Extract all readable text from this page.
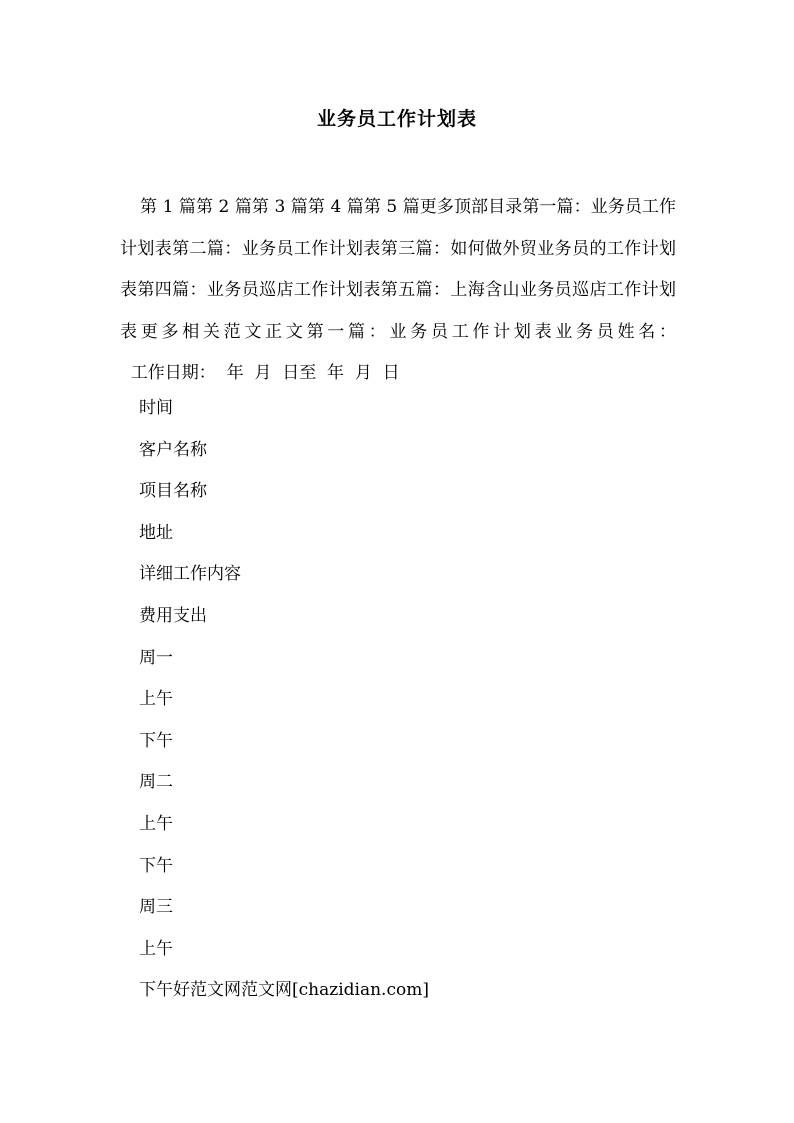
业务员工作计划表

第 1 篇第 2 篇第 3 篇第 4 篇第 5 篇更多顶部目录第一篇：业务员工作计划表第二篇：业务员工作计划表第三篇：如何做外贸业务员的工作计划表第四篇：业务员巡店工作计划表第五篇：上海含山业务员巡店工作计划表更多相关范文正文第一篇：业务员工作计划表业务员姓名：  工作日期：  年  月  日至  年  月  日

时间
客户名称
项目名称
地址
详细工作内容
费用支出
周一
上午
下午
周二
上午
下午
周三
上午
下午好范文网范文网[chazidian.com]
